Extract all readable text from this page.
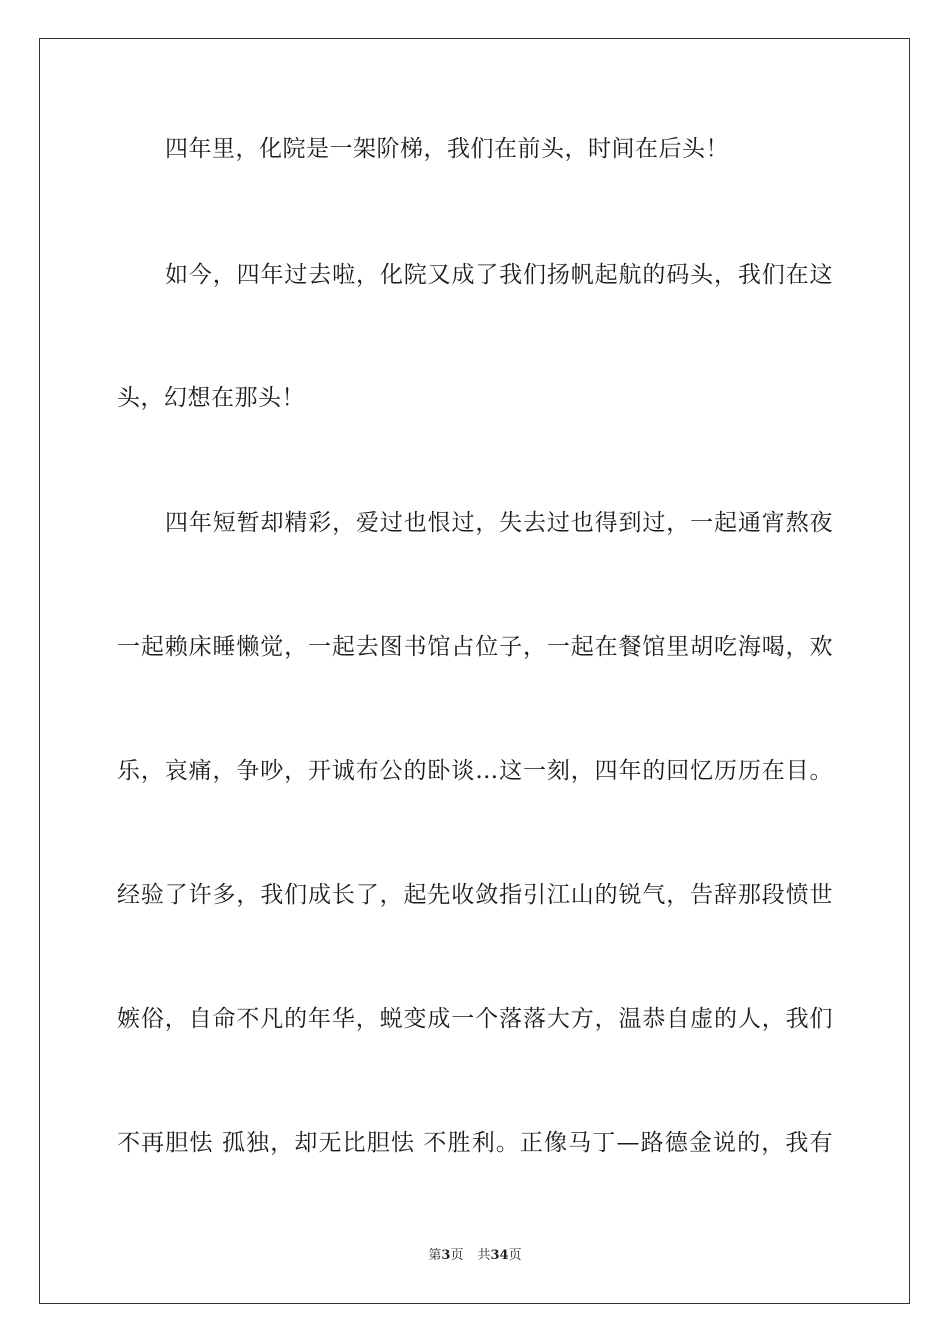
四年里，化院是一架阶梯，我们在前头，时间在后头！
如今，四年过去啦，化院又成了我们扬帆起航的码头，我们在这
头，幻想在那头！
四年短暂却精彩，爱过也恨过，失去过也得到过，一起通宵熬夜
一起赖床睡懒觉，一起去图书馆占位子，一起在餐馆里胡吃海喝，欢
乐，哀痛，争吵，开诚布公的卧谈…这一刻，四年的回忆历历在目。
经验了许多，我们成长了，起先收敛指引江山的锐气，告辞那段愤世
嫉俗，自命不凡的年华，蜕变成一个落落大方，温恭自虚的人，我们
不再胆怯 孤独，却无比胆怯 不胜利。正像马丁—路德金说的，我有
第3页 共34页
